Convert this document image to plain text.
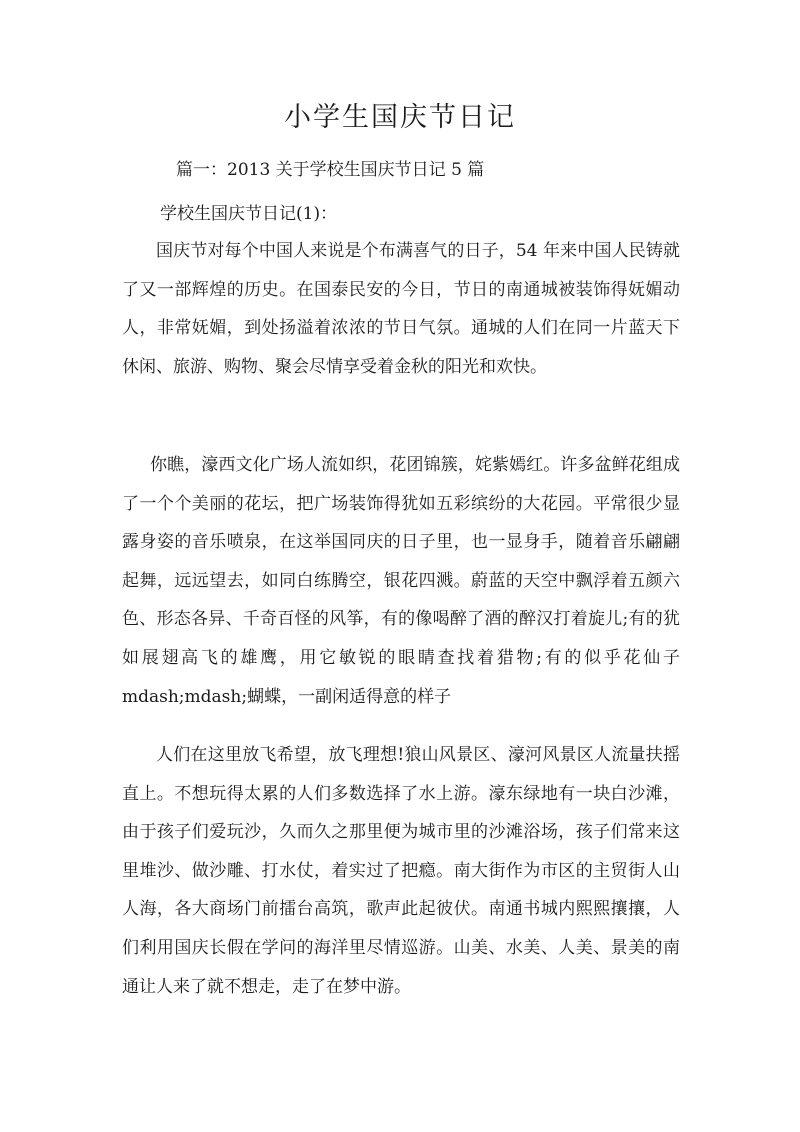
小学生国庆节日记

篇一：2013 关于学校生国庆节日记 5 篇

学校生国庆节日记(1)：

国庆节对每个中国人来说是个布满喜气的日子，54 年来中国人民铸就了又一部辉煌的历史。在国泰民安的今日，节日的南通城被装饰得妩媚动人，非常妩媚，到处扬溢着浓浓的节日气氛。通城的人们在同一片蓝天下休闲、旅游、购物、聚会尽情享受着金秋的阳光和欢快。

你瞧，濠西文化广场人流如织，花团锦簇，姹紫嫣红。许多盆鲜花组成了一个个美丽的花坛，把广场装饰得犹如五彩缤纷的大花园。平常很少显露身姿的音乐喷泉，在这举国同庆的日子里，也一显身手，随着音乐翩翩起舞，远远望去，如同白练腾空，银花四溅。蔚蓝的天空中飘浮着五颜六色、形态各异、千奇百怪的风筝，有的像喝醉了酒的醉汉打着旋儿;有的犹如展翅高飞的雄鹰，用它敏锐的眼睛查找着猎物;有的似乎花仙子 mdash;mdash;蝴蝶，一副闲适得意的样子

人们在这里放飞希望，放飞理想!狼山风景区、濠河风景区人流量扶摇直上。不想玩得太累的人们多数选择了水上游。濠东绿地有一块白沙滩，由于孩子们爱玩沙，久而久之那里便为城市里的沙滩浴场，孩子们常来这里堆沙、做沙雕、打水仗，着实过了把瘾。南大街作为市区的主贸街人山人海，各大商场门前擂台高筑，歌声此起彼伏。南通书城内熙熙攘攘，人们利用国庆长假在学问的海洋里尽情巡游。山美、水美、人美、景美的南通让人来了就不想走，走了在梦中游。
